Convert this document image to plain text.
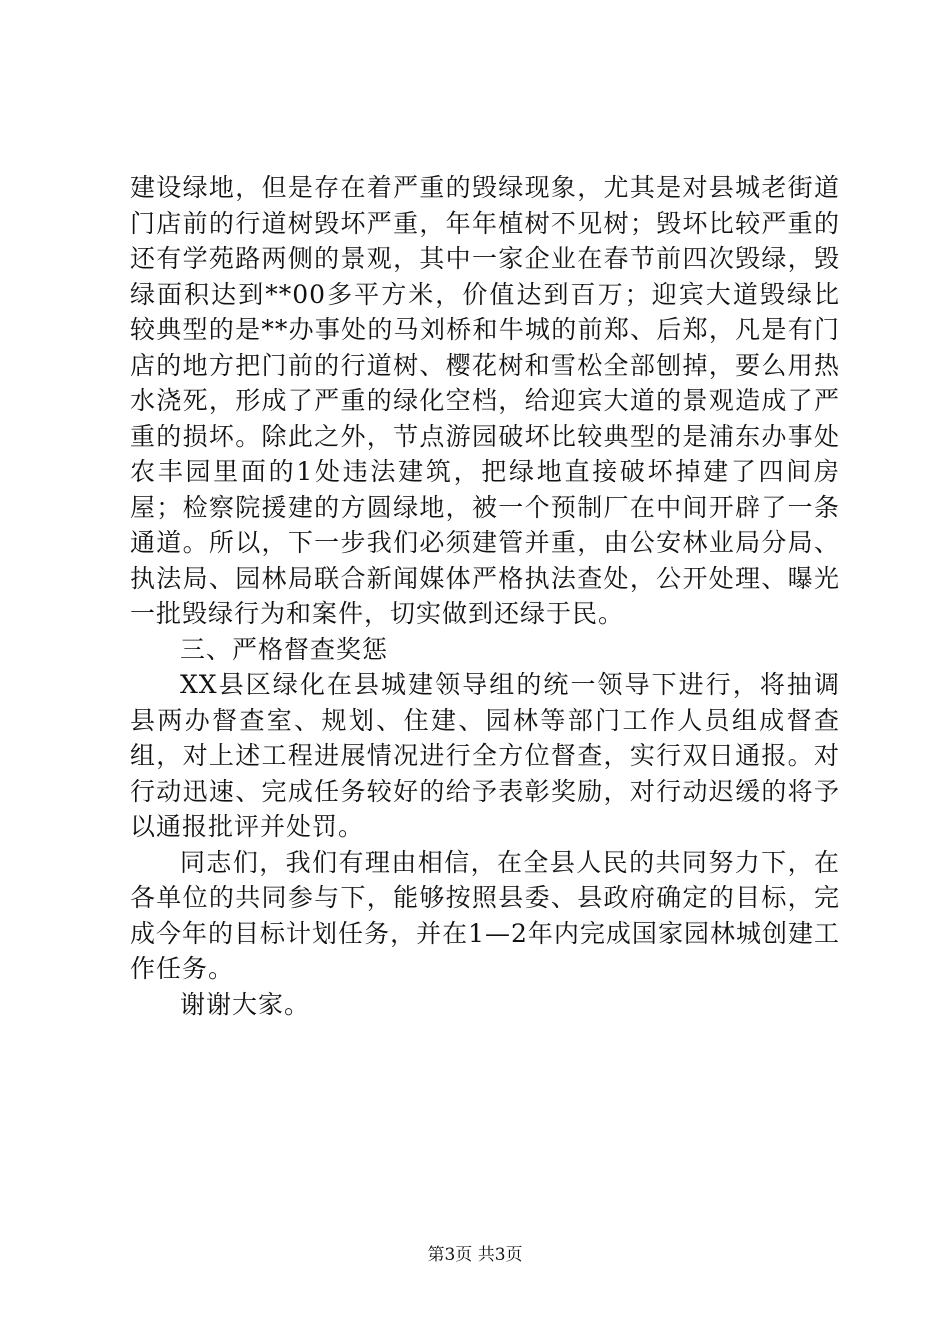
建设绿地，但是存在着严重的毁绿现象，尤其是对县城老街道门店前的行道树毁坏严重，年年植树不见树；毁坏比较严重的还有学苑路两侧的景观，其中一家企业在春节前四次毁绿，毁绿面积达到**00多平方米，价值达到百万；迎宾大道毁绿比较典型的是**办事处的马刘桥和牛城的前郑、后郑，凡是有门店的地方把门前的行道树、樱花树和雪松全部刨掉，要么用热水浇死，形成了严重的绿化空档，给迎宾大道的景观造成了严重的损坏。除此之外，节点游园破坏比较典型的是浦东办事处农丰园里面的1处违法建筑，把绿地直接破坏掉建了四间房屋；检察院援建的方圆绿地，被一个预制厂在中间开辟了一条通道。所以，下一步我们必须建管并重，由公安林业局分局、执法局、园林局联合新闻媒体严格执法查处，公开处理、曝光一批毁绿行为和案件，切实做到还绿于民。

三、严格督查奖惩

XX县区绿化在县城建领导组的统一领导下进行，将抽调县两办督查室、规划、住建、园林等部门工作人员组成督查组，对上述工程进展情况进行全方位督查，实行双日通报。对行动迅速、完成任务较好的给予表彰奖励，对行动迟缓的将予以通报批评并处罚。

同志们，我们有理由相信，在全县人民的共同努力下，在各单位的共同参与下，能够按照县委、县政府确定的目标，完成今年的目标计划任务，并在1—2年内完成国家园林城创建工作任务。

谢谢大家。

第3页 共3页
